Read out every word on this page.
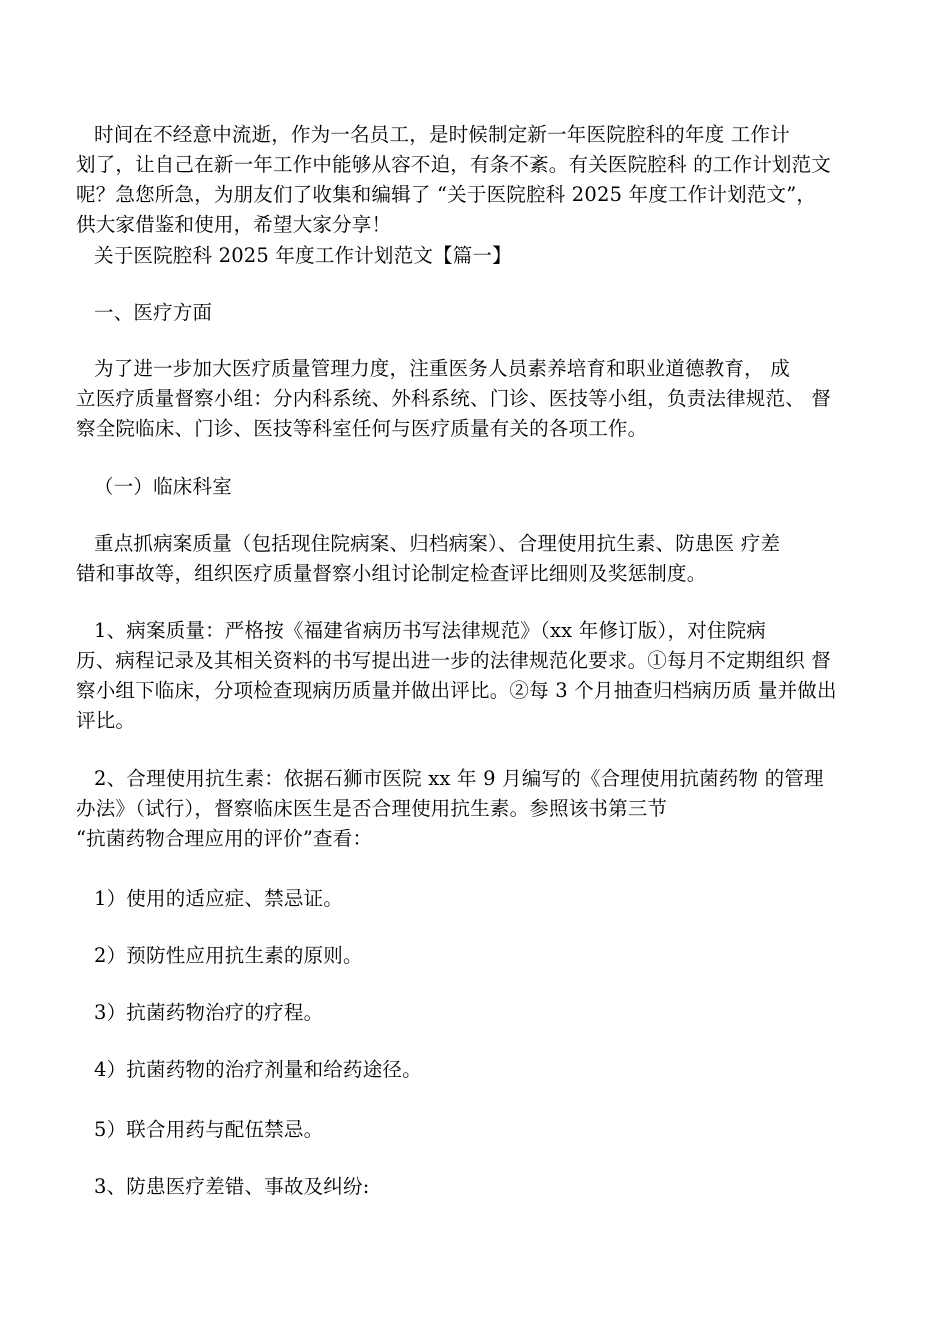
时间在不经意中流逝，作为一名员工，是时候制定新一年医院腔科的年度 工作计
划了，让自己在新一年工作中能够从容不迫，有条不紊。有关医院腔科 的工作计划范文
呢？急您所急，为朋友们了收集和编辑了 “关于医院腔科 2025 年度工作计划范文”，
供大家借鉴和使用，希望大家分享！
关于医院腔科 2025 年度工作计划范文【篇一】
一、医疗方面
为了进一步加大医疗质量管理力度，注重医务人员素养培育和职业道德教育， 成
立医疗质量督察小组：分内科系统、外科系统、门诊、医技等小组，负责法律规范、 督
察全院临床、门诊、医技等科室任何与医疗质量有关的各项工作。
（一）临床科室
重点抓病案质量（包括现住院病案、归档病案）、合理使用抗生素、防患医 疗差
错和事故等，组织医疗质量督察小组讨论制定检查评比细则及奖惩制度。
1、病案质量：严格按《福建省病历书写法律规范》（xx 年修订版），对住院病
历、病程记录及其相关资料的书写提出进一步的法律规范化要求。①每月不定期组织 督
察小组下临床，分项检查现病历质量并做出评比。②每 3 个月抽查归档病历质 量并做出
评比。
2、合理使用抗生素：依据石狮市医院 xx 年 9 月编写的《合理使用抗菌药物 的管理
办法》（试行），督察临床医生是否合理使用抗生素。参照该书第三节
“抗菌药物合理应用的评价”查看：
1）使用的适应症、禁忌证。
2）预防性应用抗生素的原则。
3）抗菌药物治疗的疗程。
4）抗菌药物的治疗剂量和给药途径。
5）联合用药与配伍禁忌。
3、防患医疗差错、事故及纠纷:
